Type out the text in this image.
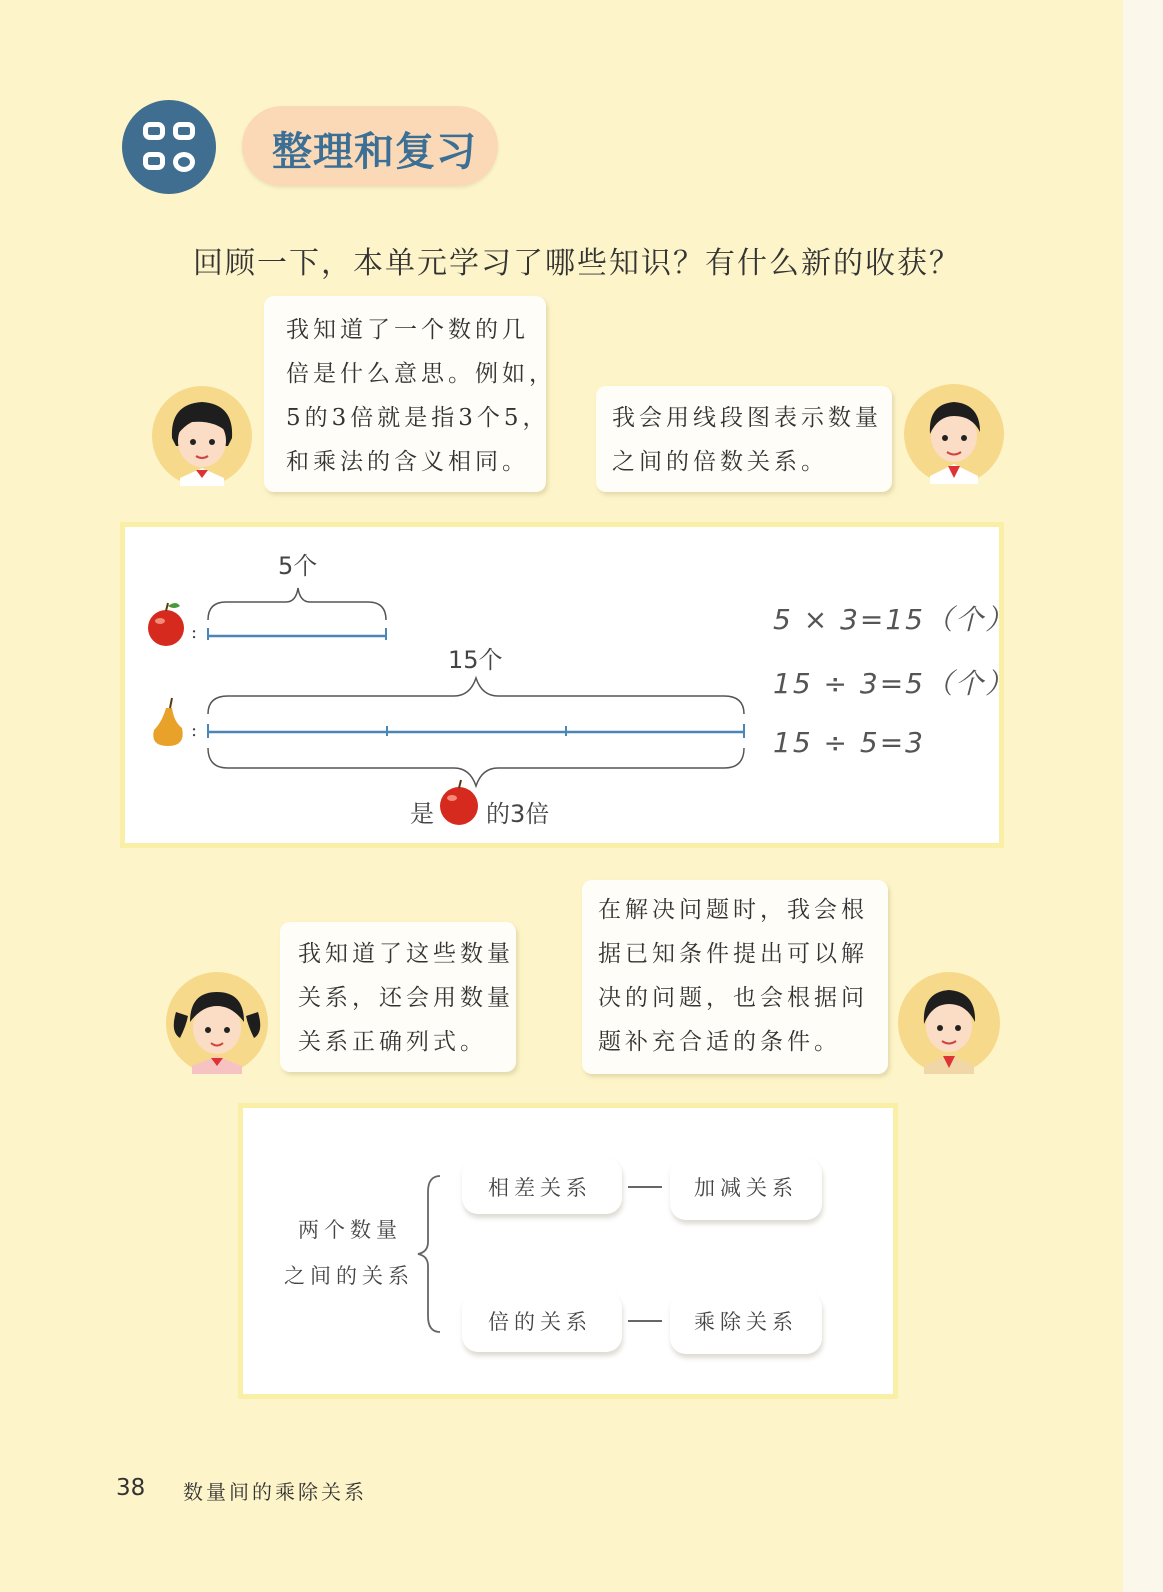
整理和复习
回顾一下，本单元学习了哪些知识？有什么新的收获？

我知道了一个数的几

倍是什么意思。例如，

5的3倍就是指3个5，

和乘法的含义相同。

我会用线段图表示数量

之间的倍数关系。

:
:
5个
15个
是 的3倍
5 × 3=15（个）
15 ÷ 3=5（个）
15 ÷ 5=3

我知道了这些数量

关系，还会用数量

关系正确列式。

在解决问题时，我会根

据已知条件提出可以解

决的问题，也会根据问

题补充合适的条件。

两个数量
之间的关系
相差关系	加减关系
倍的关系	乘除关系
38 数量间的乘除关系
